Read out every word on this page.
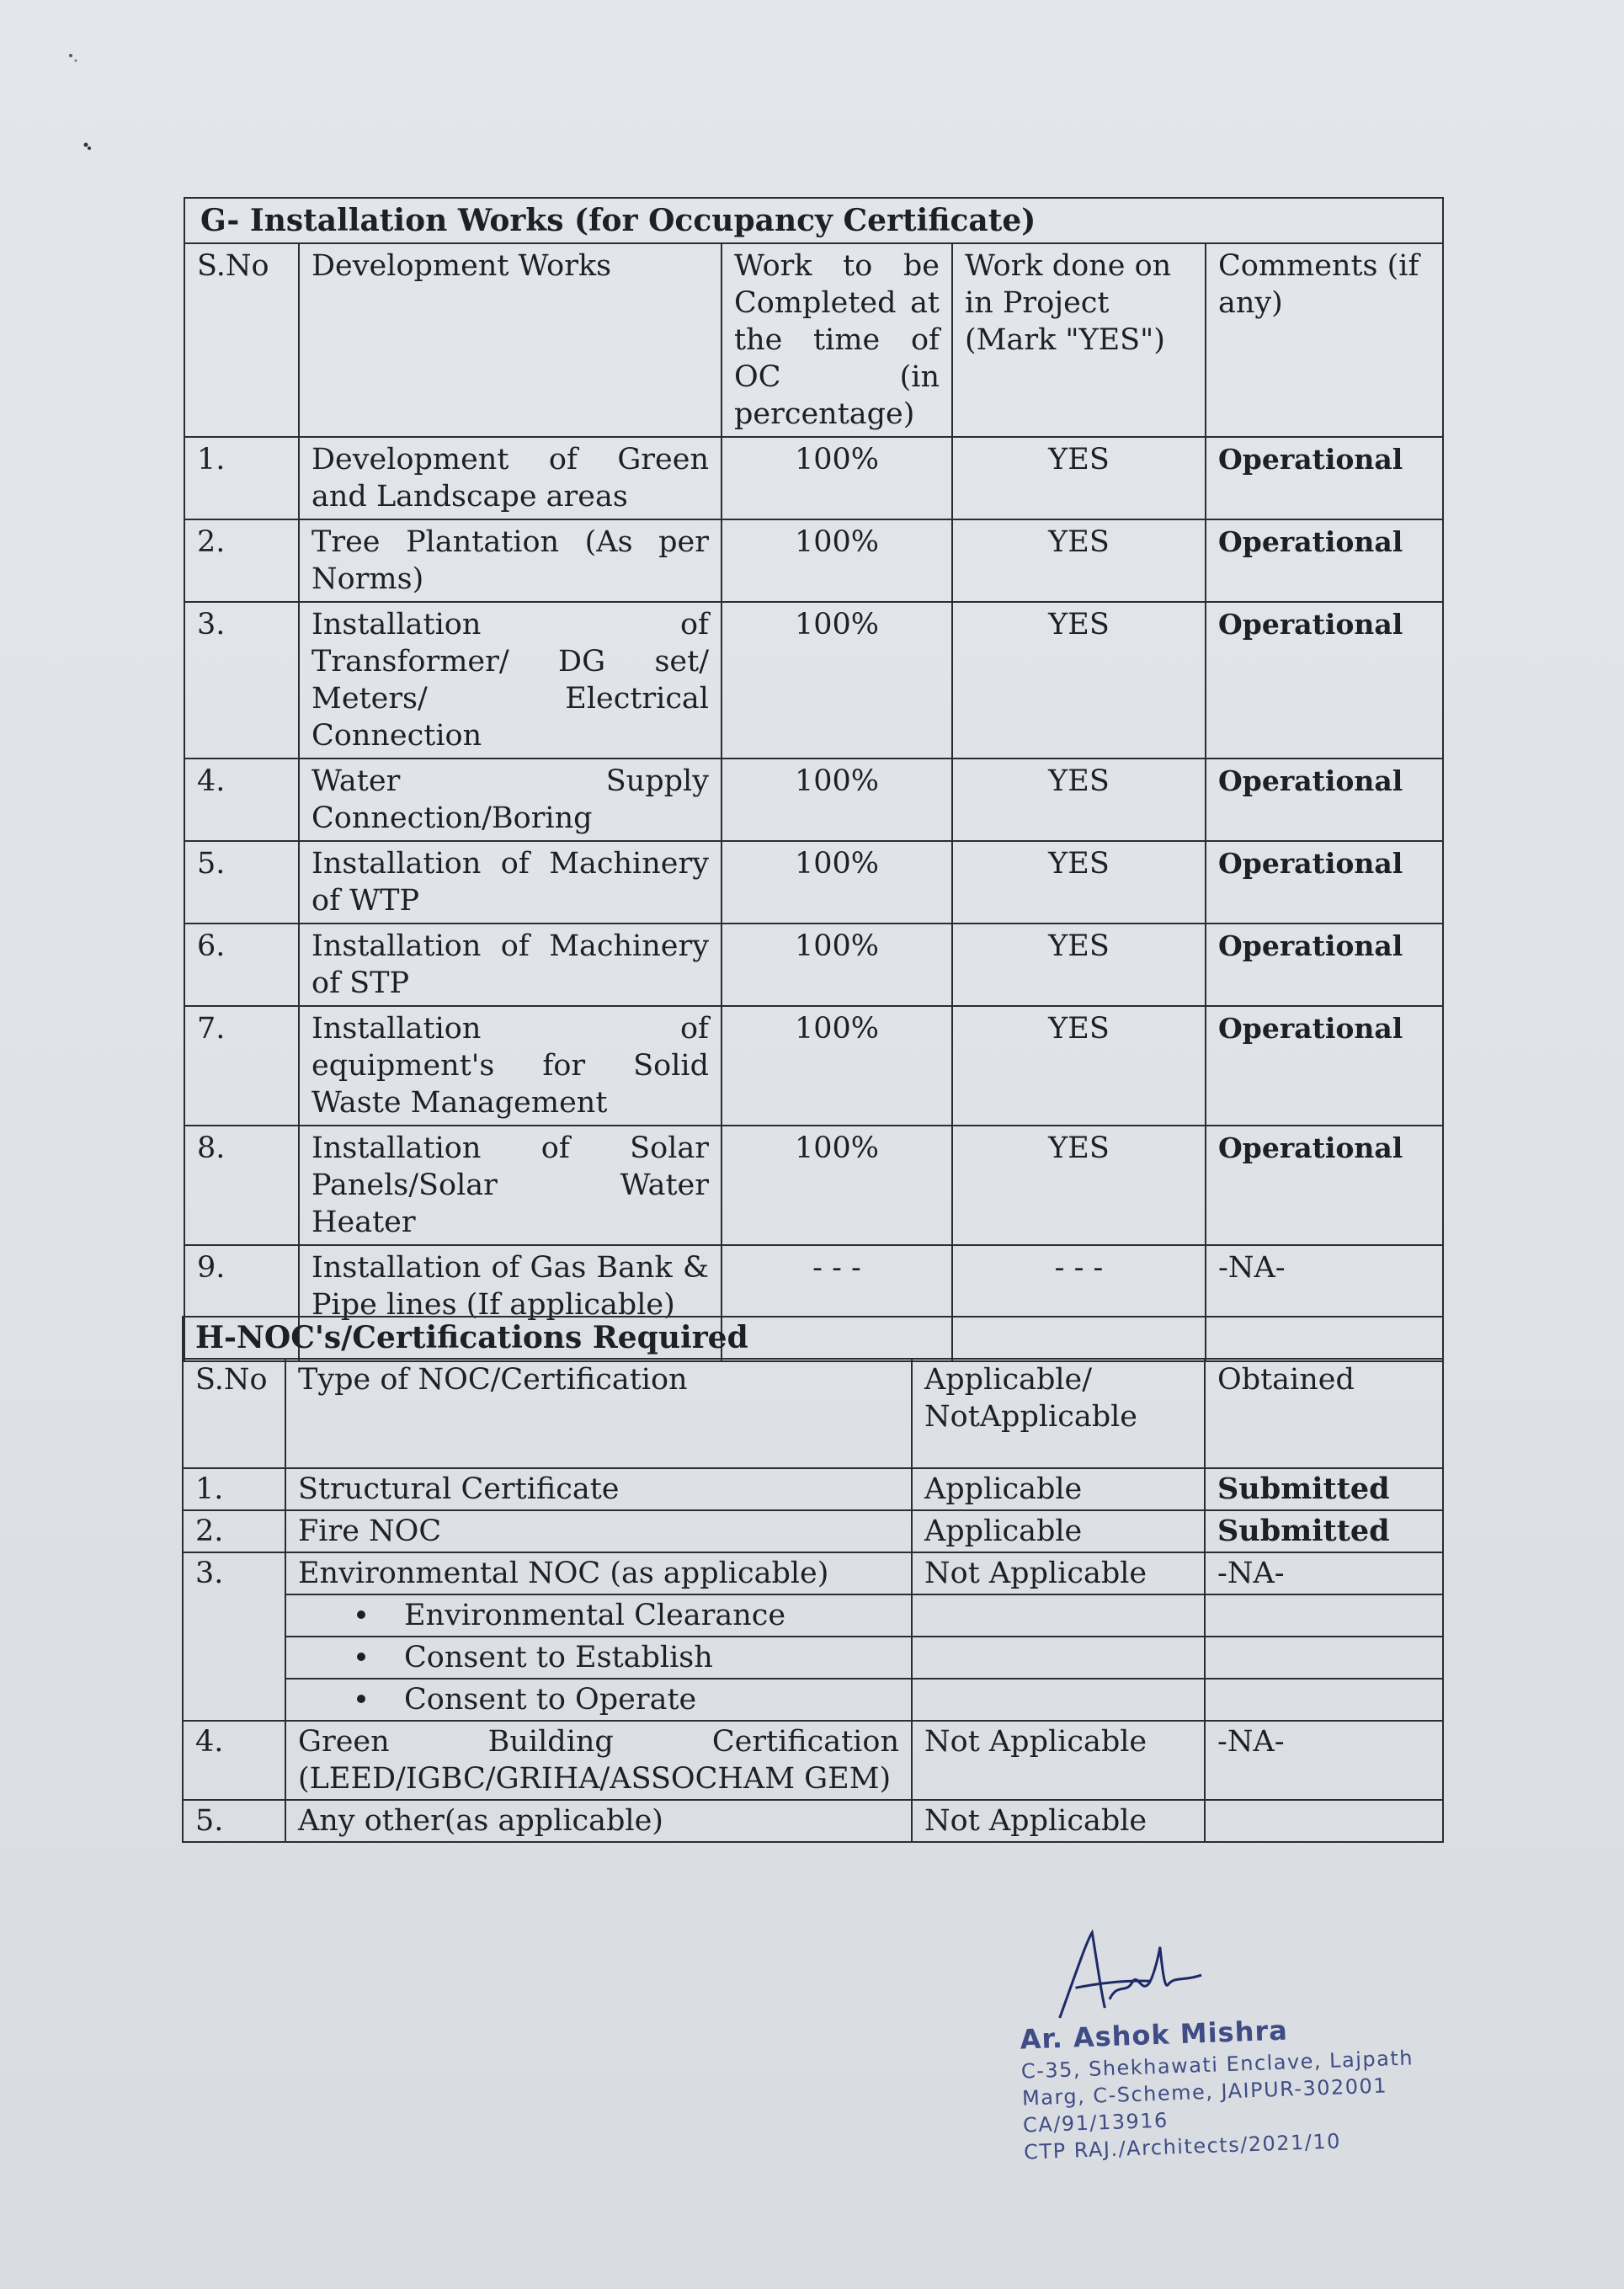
G- Installation Works (for Occupancy Certificate)				
S.No	Development Works	Work to be Completed at the time of OC (in percentage)	Work done on in Project (Mark "YES")	Comments (if any)
1.	Development of Green and Landscape areas	100%	YES	Operational
2.	Tree Plantation (As per Norms)	100%	YES	Operational
3.	Installation of Transformer/ DG set/ Meters/ Electrical Connection	100%	YES	Operational
4.	Water Supply Connection/Boring	100%	YES	Operational
5.	Installation of Machinery of WTP	100%	YES	Operational
6.	Installation of Machinery of STP	100%	YES	Operational
7.	Installation of equipment's for Solid Waste Management	100%	YES	Operational
8.	Installation of Solar Panels/Solar Water Heater	100%	YES	Operational
9.	Installation of Gas Bank & Pipe lines (If applicable)	- - -	- - -	-NA-
H-NOC's/Certifications Required			
S.No	Type of NOC/Certification	Applicable/ NotApplicable	Obtained
1.	Structural Certificate	Applicable	Submitted
2.	Fire NOC	Applicable	Submitted
3.	Environmental NOC (as applicable)	Not Applicable	-NA-
	Environmental Clearance		
	Consent to Establish		
	Consent to Operate		
4.	Green Building Certification (LEED/IGBC/GRIHA/ASSOCHAM GEM)	Not Applicable	-NA-
5.	Any other(as applicable)	Not Applicable	
Ar. Ashok Mishra
C-35, Shekhawati Enclave, Lajpath
Marg, C-Scheme, JAIPUR-302001
CA/91/13916
CTP RAJ./Architects/2021/10
